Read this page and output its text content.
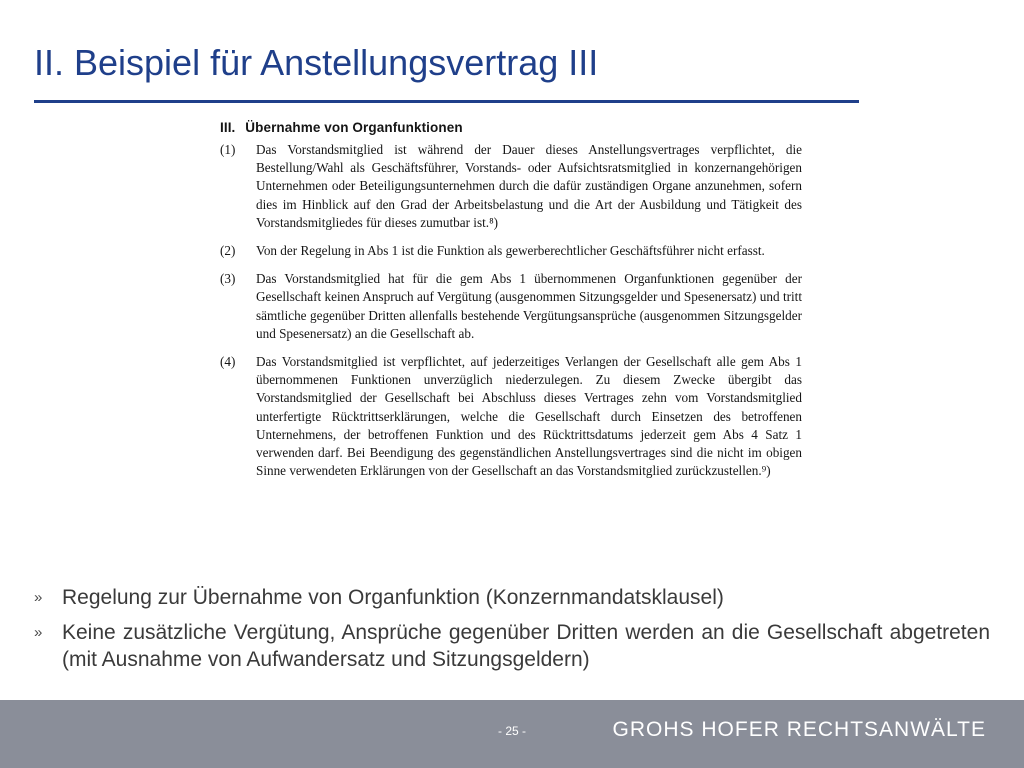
II. Beispiel für Anstellungsvertrag III
III. Übernahme von Organfunktionen
(1)	Das Vorstandsmitglied ist während der Dauer dieses Anstellungsvertrages verpflichtet, die Bestellung/Wahl als Geschäftsführer, Vorstands- oder Aufsichtsratsmitglied in konzernangehörigen Unternehmen oder Beteiligungsunternehmen durch die dafür zuständigen Organe anzunehmen, sofern dies im Hinblick auf den Grad der Arbeitsbelastung und die Art der Ausbildung und Tätigkeit des Vorstandsmitgliedes für dieses zumutbar ist.⁸)
(2)	Von der Regelung in Abs 1 ist die Funktion als gewerberechtlicher Geschäftsführer nicht erfasst.
(3)	Das Vorstandsmitglied hat für die gem Abs 1 übernommenen Organfunktionen gegenüber der Gesellschaft keinen Anspruch auf Vergütung (ausgenommen Sitzungsgelder und Spesenersatz) und tritt sämtliche gegenüber Dritten allenfalls bestehende Vergütungsansprüche (ausgenommen Sitzungsgelder und Spesenersatz) an die Gesellschaft ab.
(4)	Das Vorstandsmitglied ist verpflichtet, auf jederzeitiges Verlangen der Gesellschaft alle gem Abs 1 übernommenen Funktionen unverzüglich niederzulegen. Zu diesem Zwecke übergibt das Vorstandsmitglied der Gesellschaft bei Abschluss dieses Vertrages zehn vom Vorstandsmitglied unterfertigte Rücktrittserklärungen, welche die Gesellschaft durch Einsetzen des betroffenen Unternehmens, der betroffenen Funktion und des Rücktrittsdatums jederzeit gem Abs 4 Satz 1 verwenden darf. Bei Beendigung des gegenständlichen Anstellungsvertrages sind die nicht im obigen Sinne verwendeten Erklärungen von der Gesellschaft an das Vorstandsmitglied zurückzustellen.⁹)
» Regelung zur Übernahme von Organfunktion (Konzernmandatsklausel)
» Keine zusätzliche Vergütung, Ansprüche gegenüber Dritten werden an die Gesellschaft abgetreten (mit Ausnahme von Aufwandersatz und Sitzungsgeldern)
- 25 -	GROHS HOFER RECHTSANWÄLTE
